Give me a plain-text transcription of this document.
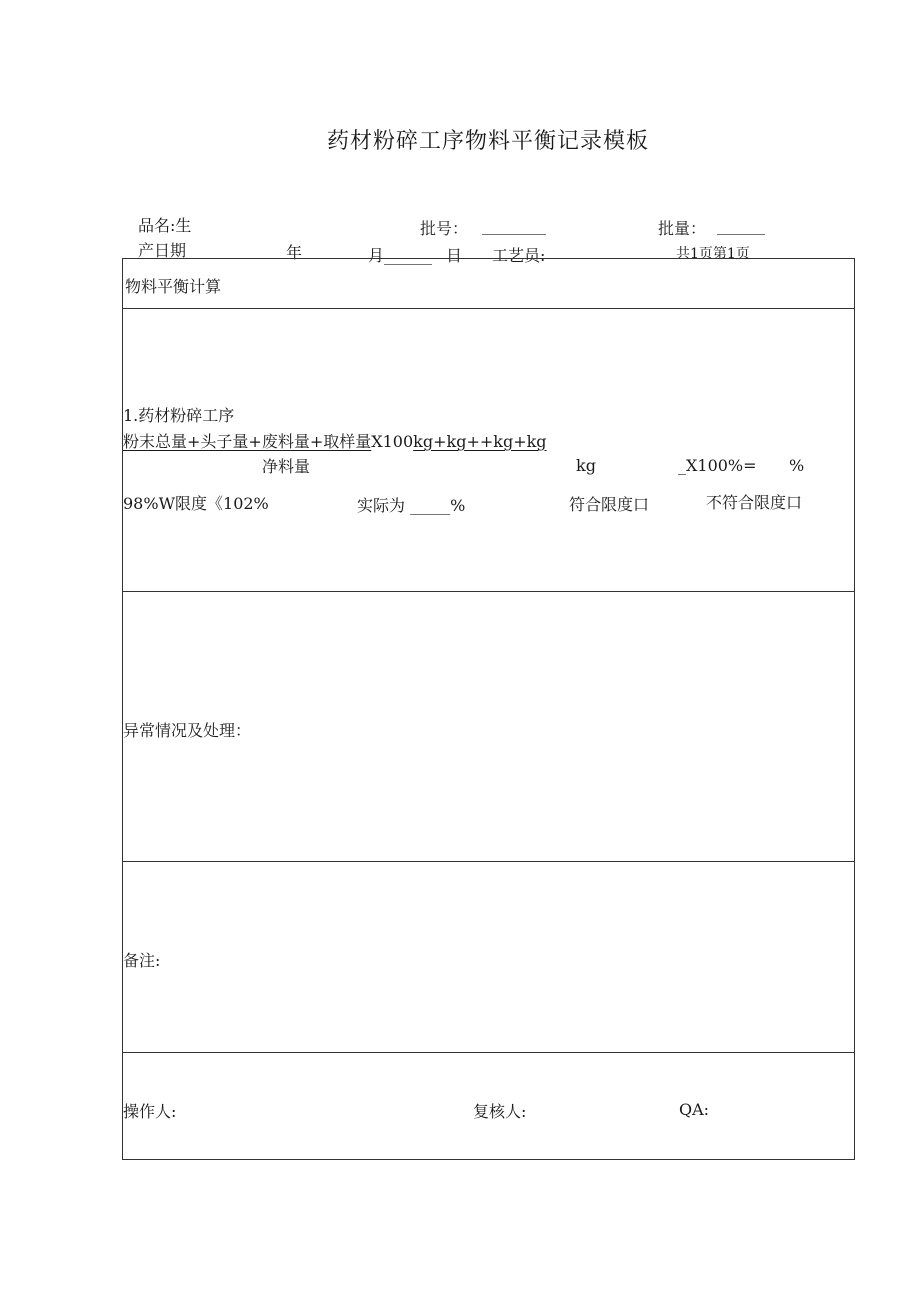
药材粉碎工序物料平衡记录模板
品名:生	批号： ________	批量： ______
产日期	年	月______ 日 工艺员:	共1页第1页
物料平衡计算
1.药材粉碎工序
粉末总量+头子量+废料量+取样量X100kg+kg++kg+kg
净料量	kg	_X100%= %
98%W限度《102%	实际为 _____%	符合限度口	不符合限度口
异常情况及处理：
备注:
操作人:	复核人:	QA:
